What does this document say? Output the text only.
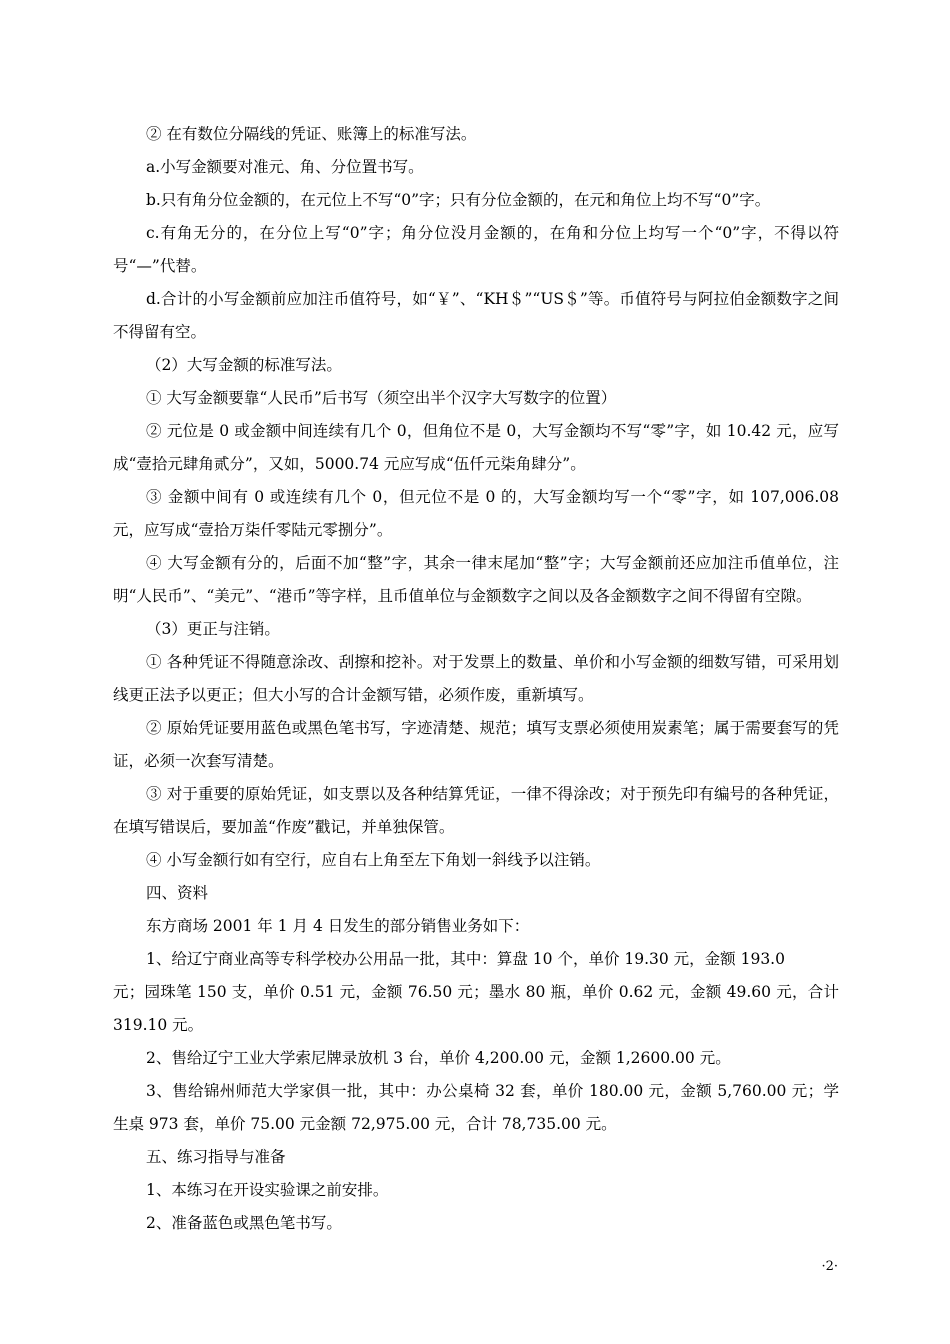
② 在有数位分隔线的凭证、账簿上的标准写法。

a.小写金额要对准元、角、分位置书写。

b.只有角分位金额的，在元位上不写“0”字；只有分位金额的，在元和角位上均不写“0”字。

c.有角无分的，在分位上写“0”字；角分位没月金额的，在角和分位上均写一个“0”字，不得以符号“—”代替。

d.合计的小写金额前应加注币值符号，如“￥”、“KH＄”“US＄”等。币值符号与阿拉伯金额数字之间不得留有空。

（2）大写金额的标准写法。

① 大写金额要靠“人民币”后书写（须空出半个汉字大写数字的位置）

② 元位是 0 或金额中间连续有几个 0，但角位不是 0，大写金额均不写“零”字，如 10.42 元，应写成“壹拾元肆角贰分”，又如，5000.74 元应写成“伍仟元柒角肆分”。

③ 金额中间有 0 或连续有几个 0，但元位不是 0 的，大写金额均写一个“零”字，如 107,006.08 元，应写成“壹拾万柒仟零陆元零捌分”。

④ 大写金额有分的，后面不加“整”字，其余一律末尾加“整”字；大写金额前还应加注币值单位，注明“人民币”、“美元”、“港币”等字样，且币值单位与金额数字之间以及各金额数字之间不得留有空隙。

（3）更正与注销。

① 各种凭证不得随意涂改、刮擦和挖补。对于发票上的数量、单价和小写金额的细数写错，可采用划线更正法予以更正；但大小写的合计金额写错，必须作废，重新填写。

② 原始凭证要用蓝色或黑色笔书写，字迹清楚、规范；填写支票必须使用炭素笔；属于需要套写的凭证，必须一次套写清楚。

③ 对于重要的原始凭证，如支票以及各种结算凭证，一律不得涂改；对于预先印有编号的各种凭证，在填写错误后，要加盖“作废”戳记，并单独保管。

④ 小写金额行如有空行，应自右上角至左下角划一斜线予以注销。

四、资料

东方商场 2001 年 1 月 4 日发生的部分销售业务如下：

1、给辽宁商业高等专科学校办公用品一批，其中：算盘 10 个，单价 19.30 元，金额 193.0

元；园珠笔 150 支，单价 0.51 元，金额 76.50 元；墨水 80 瓶，单价 0.62 元，金额 49.60 元，合计 319.10 元。

2、售给辽宁工业大学索尼牌录放机 3 台，单价 4,200.00 元，金额 1,2600.00 元。

3、售给锦州师范大学家俱一批，其中：办公桌椅 32 套，单价 180.00 元，金额 5,760.00 元；学生桌 973 套，单价 75.00 元金额 72,975.00 元，合计 78,735.00 元。

五、练习指导与准备

1、本练习在开设实验课之前安排。

2、准备蓝色或黑色笔书写。

·2·
